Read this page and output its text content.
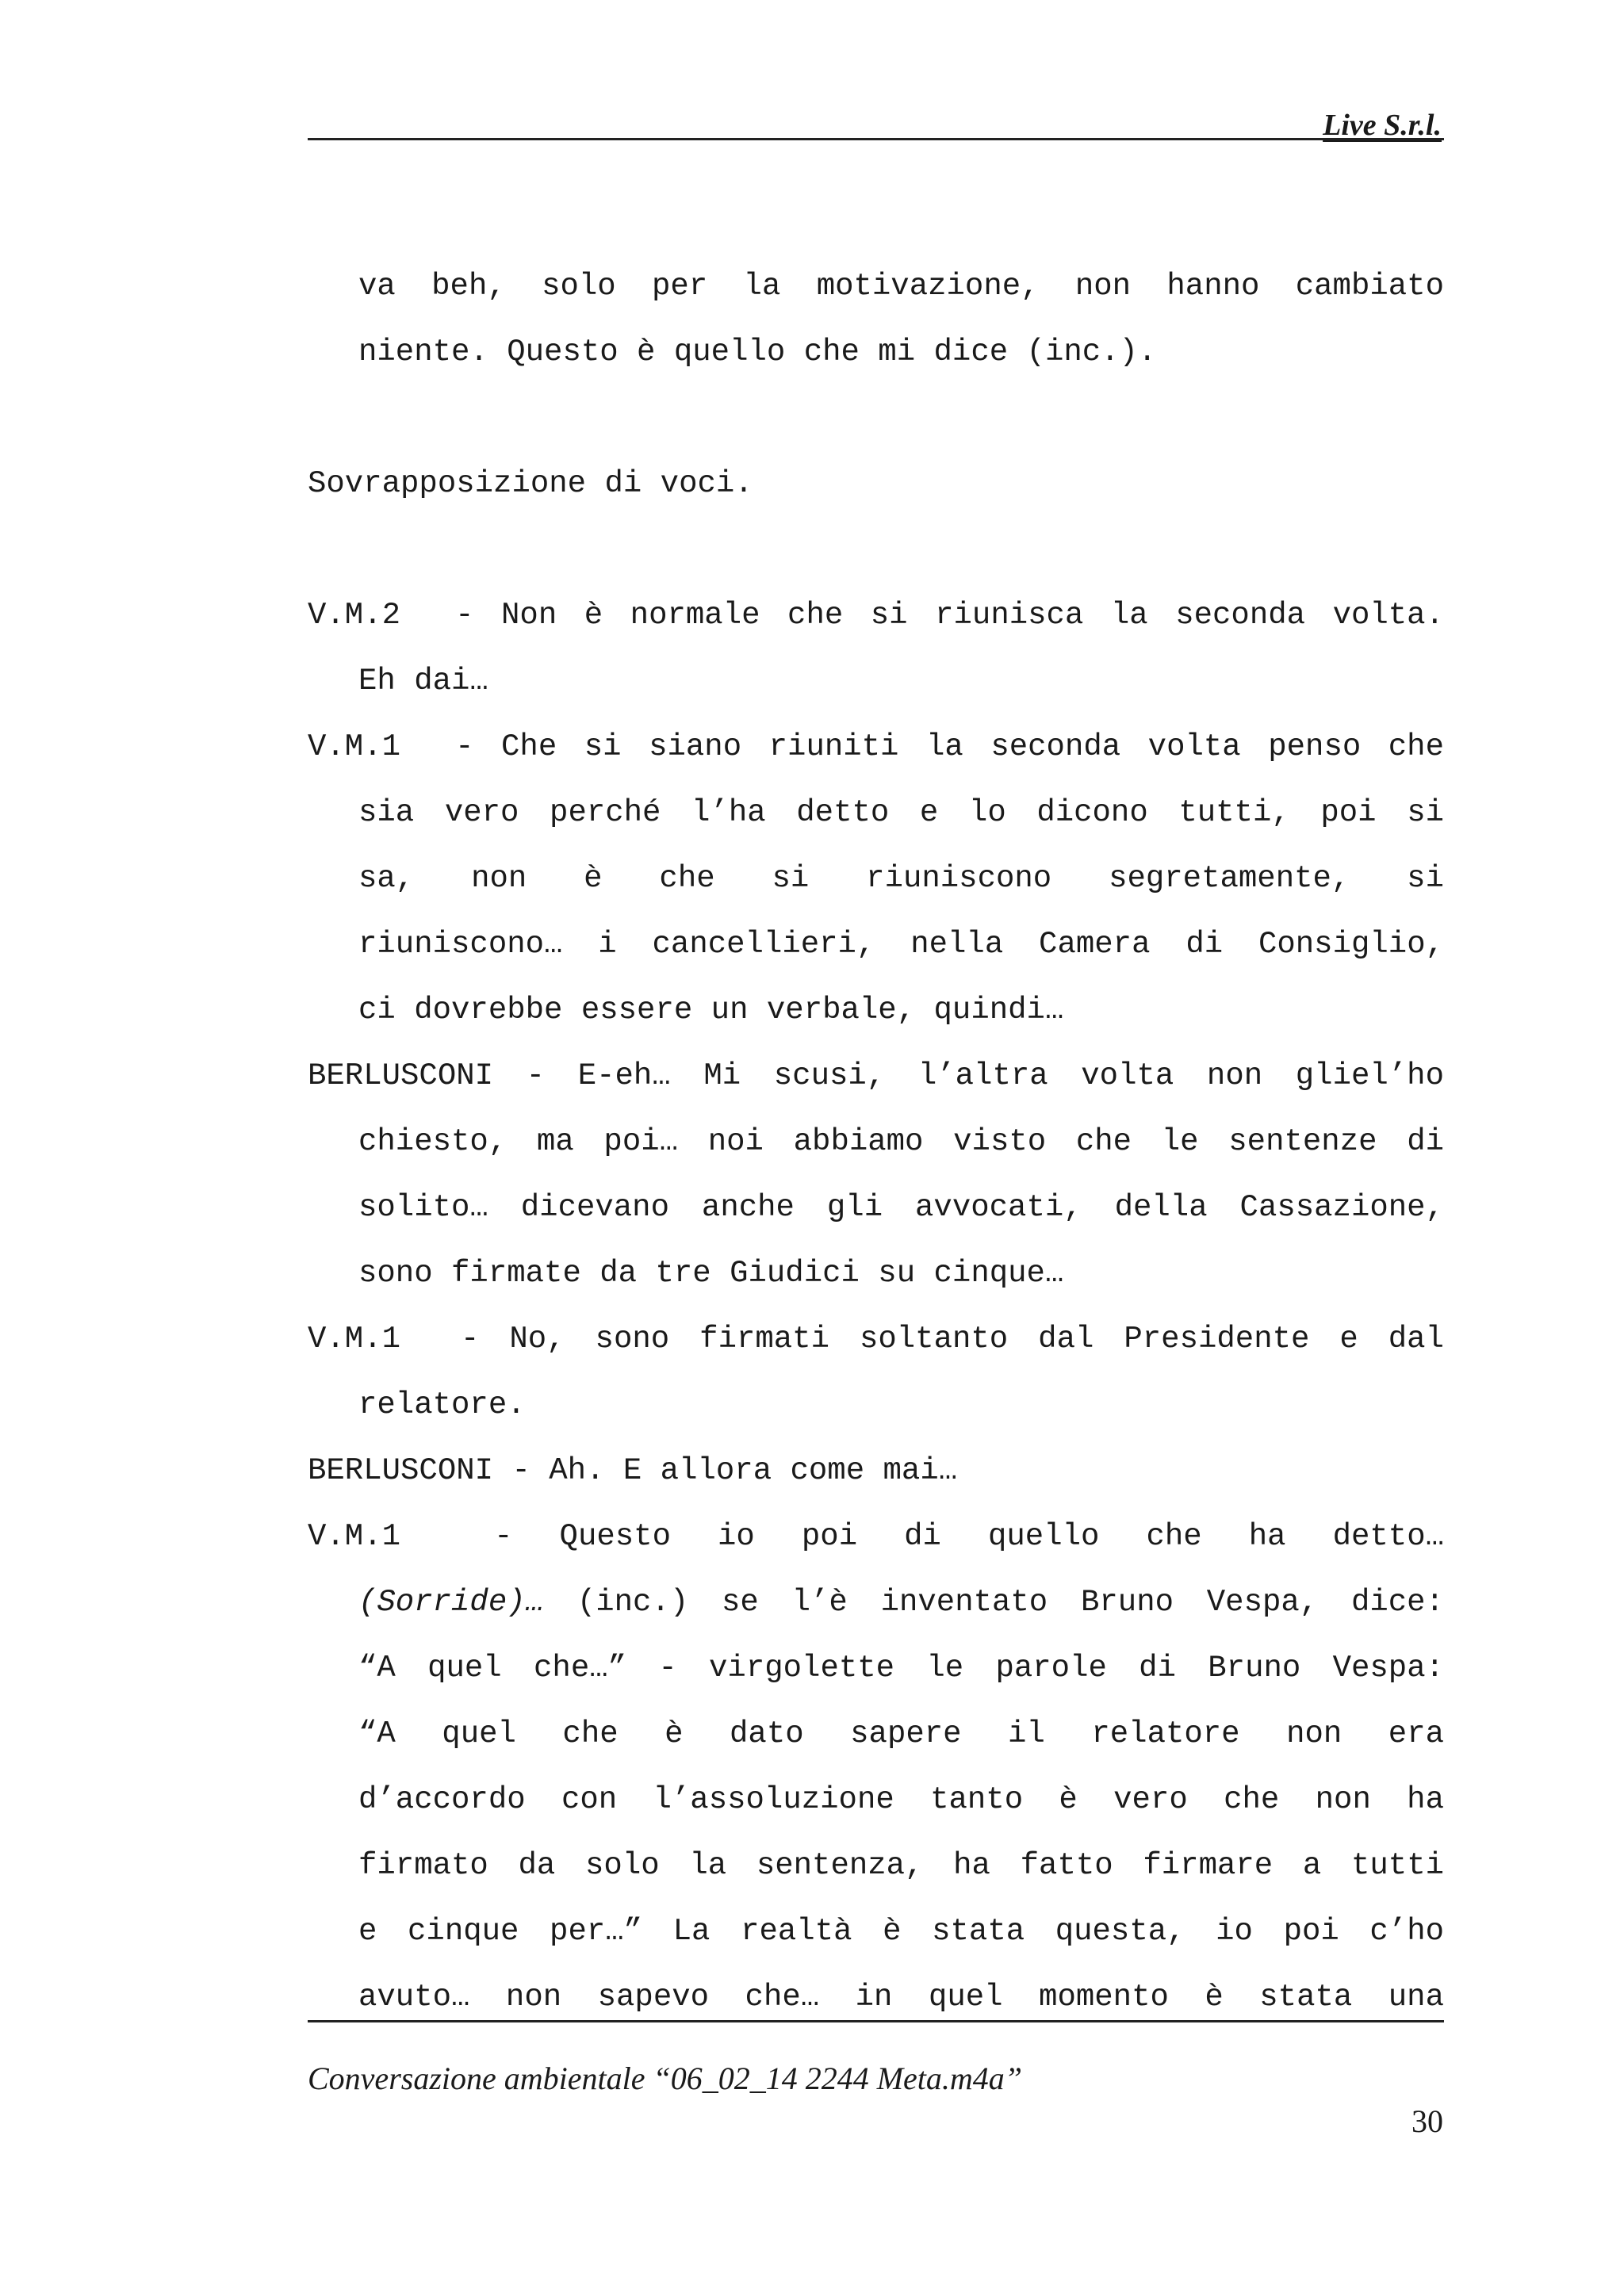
Live S.r.l.
va beh, solo per la motivazione, non hanno cambiato
niente. Questo è quello che mi dice (inc.).
Sovrapposizione di voci.
V.M.2  - Non è normale che si riunisca la seconda volta.
Eh dai…
V.M.1  - Che si siano riuniti la seconda volta penso che
sia vero perché l’ha detto e lo dicono tutti, poi si
sa, non è che si riuniscono segretamente, si
riuniscono… i cancellieri, nella Camera di Consiglio,
ci dovrebbe essere un verbale, quindi…
BERLUSCONI - E-eh… Mi scusi, l’altra volta non gliel’ho
chiesto, ma poi… noi abbiamo visto che le sentenze di
solito… dicevano anche gli avvocati, della Cassazione,
sono firmate da tre Giudici su cinque…
V.M.1  - No, sono firmati soltanto dal Presidente e dal
relatore.
BERLUSCONI - Ah. E allora come mai…
V.M.1  - Questo io poi di quello che ha detto…
(Sorride)… (inc.) se l’è inventato Bruno Vespa, dice:
“A quel che…” - virgolette le parole di Bruno Vespa:
“A quel che è dato sapere il relatore non era
d’accordo con l’assoluzione tanto è vero che non ha
firmato da solo la sentenza, ha fatto firmare a tutti
e cinque per…” La realtà è stata questa, io poi c’ho
avuto… non sapevo che… in quel momento è stata una
Conversazione ambientale “06_02_14 2244 Meta.m4a”
30
